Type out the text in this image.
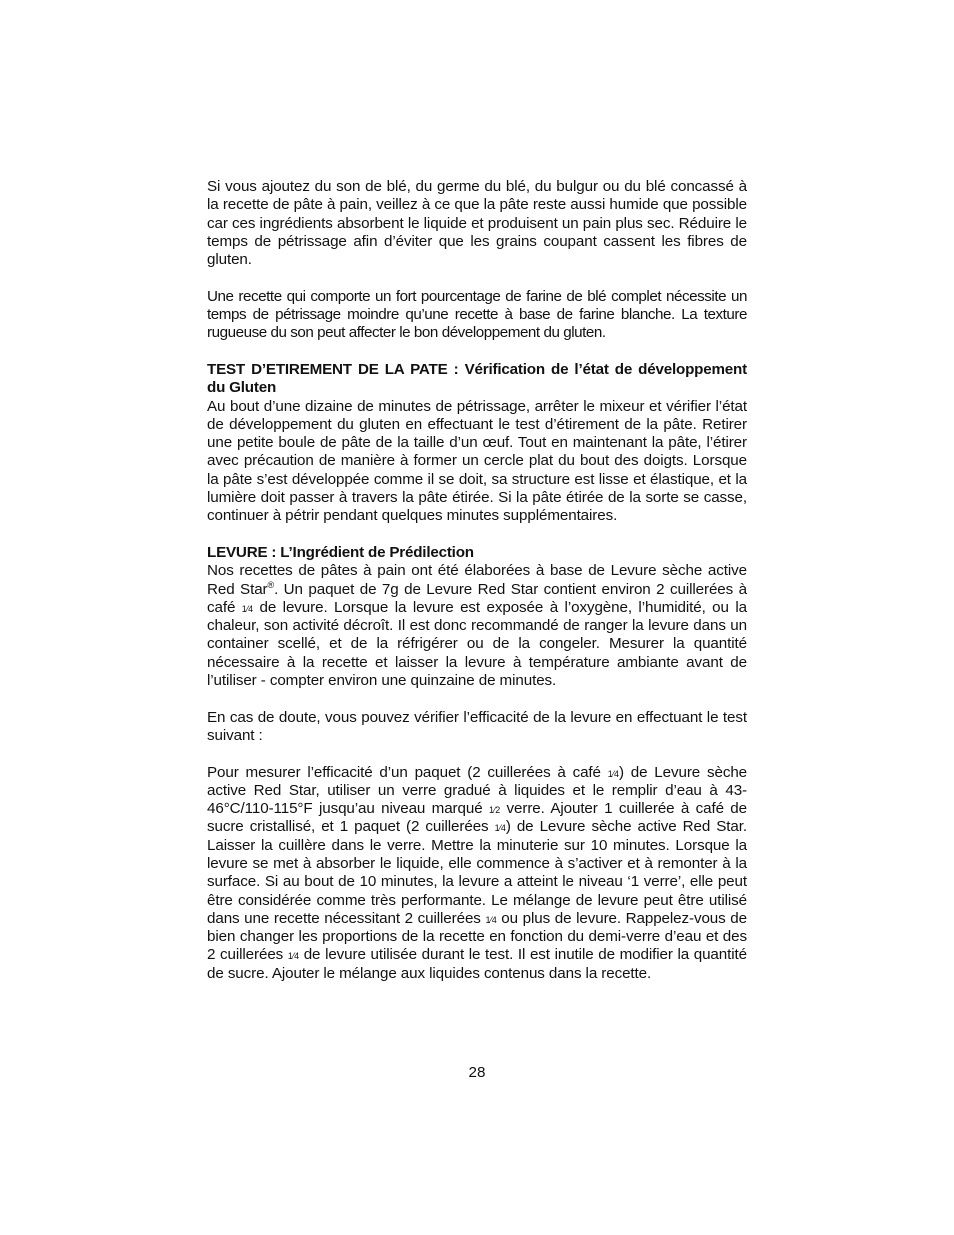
Si vous ajoutez du son de blé, du germe du blé, du bulgur ou du blé concassé à la recette de pâte à pain, veillez à ce que la pâte reste aussi humide que possible car ces ingrédients absorbent le liquide et produisent un pain plus sec. Réduire le temps de pétrissage afin d’éviter que les grains coupant cassent les fibres de gluten.

Une recette qui comporte un fort pourcentage de farine de blé complet nécessite un temps de pétrissage moindre qu’une recette à base de farine blanche. La texture rugueuse du son peut affecter le bon développement du gluten.

TEST D’ETIREMENT DE LA PATE : Vérification de l’état de développement du Gluten

Au bout d’une dizaine de minutes de pétrissage, arrêter le mixeur et vérifier l’état de développement du gluten en effectuant le test d’étirement de la pâte. Retirer une petite boule de pâte de la taille d’un œuf. Tout en maintenant la pâte, l’étirer avec précaution de manière à former un cercle plat du bout des doigts. Lorsque la pâte s’est développée comme il se doit, sa structure est lisse et élastique, et la lumière doit passer à travers la pâte étirée. Si la pâte étirée de la sorte se casse, continuer à pétrir pendant quelques minutes supplémentaires.

LEVURE : L’Ingrédient de Prédilection

Nos recettes de pâtes à pain ont été élaborées à base de Levure sèche active Red Star®. Un paquet de 7g de Levure Red Star contient environ 2 cuillerées à café 1⁄4 de levure. Lorsque la levure est exposée à l’oxygène, l’humidité, ou la chaleur, son activité décroît. Il est donc recommandé de ranger la levure dans un container scellé, et de la réfrigérer ou de la congeler. Mesurer la quantité nécessaire à la recette et laisser la levure à température ambiante avant de l’utiliser - compter environ une quinzaine de minutes.

En cas de doute, vous pouvez vérifier l’efficacité de la levure en effectuant le test suivant :

Pour mesurer l’efficacité d’un paquet (2 cuillerées à café 1⁄4) de Levure sèche active Red Star, utiliser un verre gradué à liquides et le remplir d’eau à 43-46°C/110-115°F jusqu’au niveau marqué 1⁄2 verre. Ajouter 1 cuillerée à café de sucre cristallisé, et 1 paquet (2 cuillerées 1⁄4) de Levure sèche active Red Star. Laisser la cuillère dans le verre. Mettre la minuterie sur 10 minutes. Lorsque la levure se met à absorber le liquide, elle commence à s’activer et à remonter à la surface. Si au bout de 10 minutes, la levure a atteint le niveau ‘1 verre’, elle peut être considérée comme très performante. Le mélange de levure peut être utilisé dans une recette nécessitant 2 cuillerées 1⁄4 ou plus de levure. Rappelez-vous de bien changer les proportions de la recette en fonction du demi-verre d’eau et des 2 cuillerées 1⁄4 de levure utilisée durant le test. Il est inutile de modifier la quantité de sucre. Ajouter le mélange aux liquides contenus dans la recette.

28
